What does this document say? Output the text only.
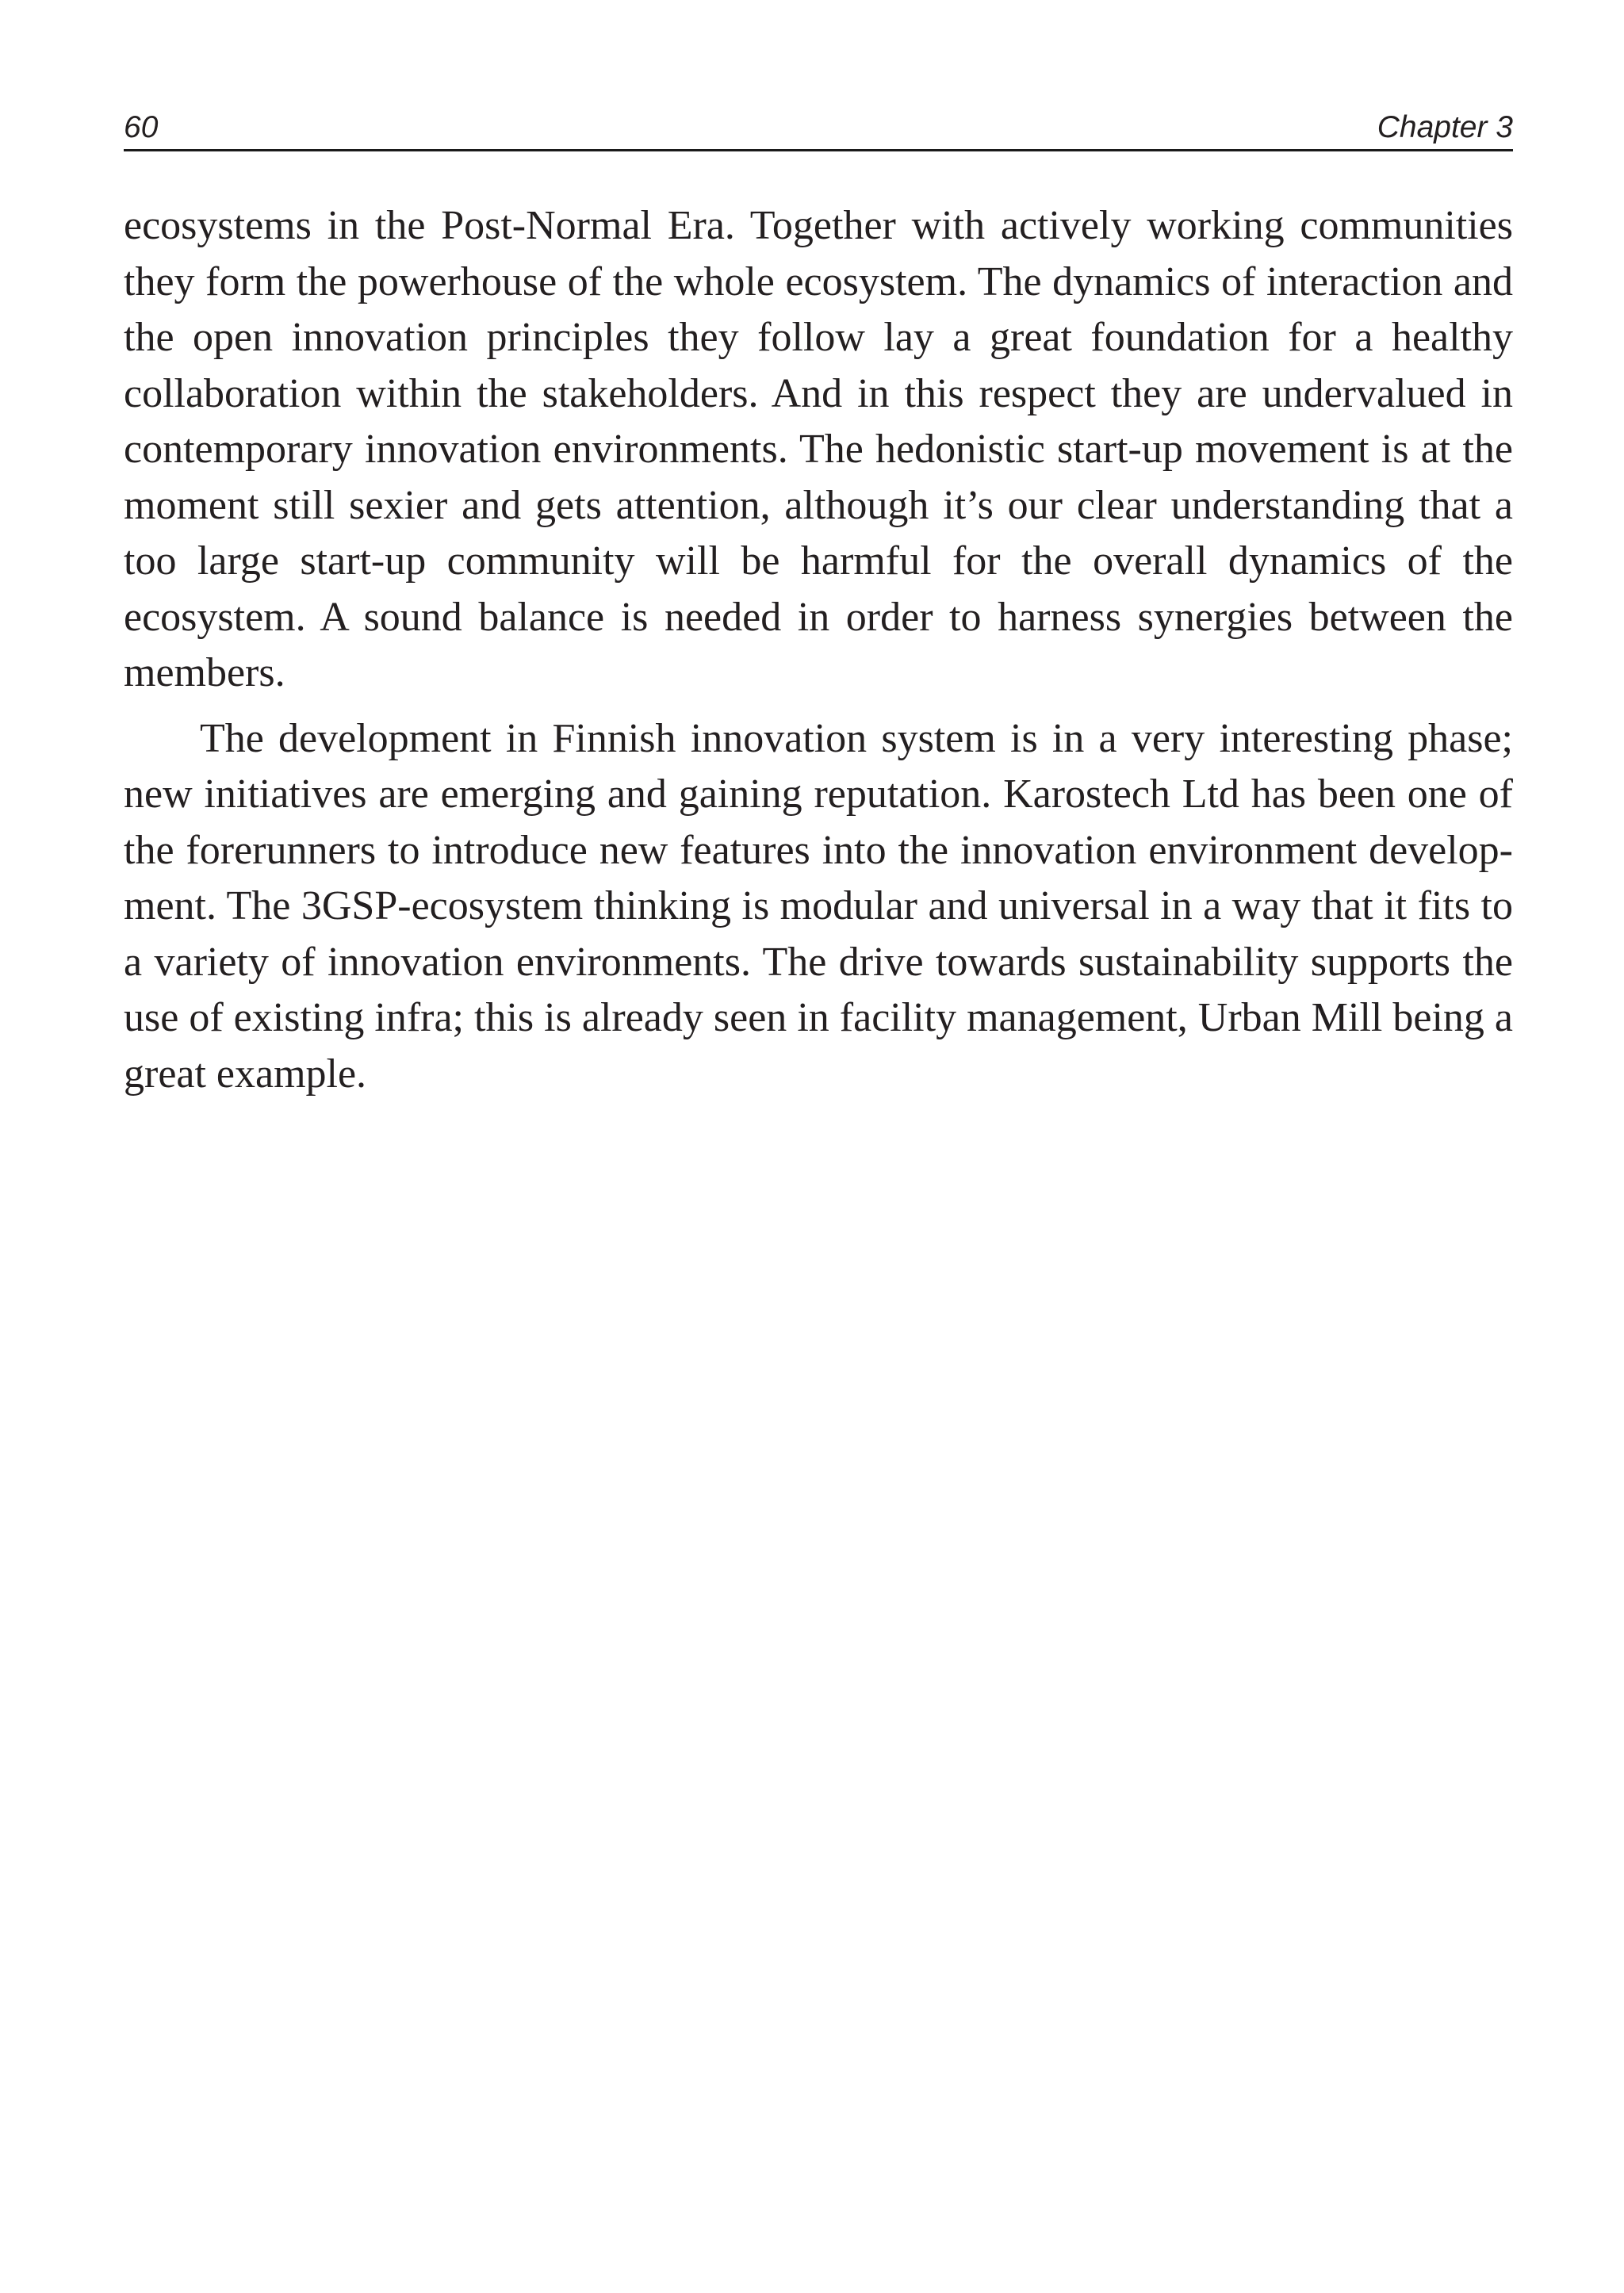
60	Chapter 3

ecosystems in the Post-Normal Era. Together with actively working communities they form the powerhouse of the whole ecosystem. The dynamics of interaction and the open innovation principles they follow lay a great foundation for a healthy collaboration within the stakeholders. And in this respect they are undervalued in contemporary innovation environments. The hedonistic start-up movement is at the moment still sexier and gets attention, although it’s our clear understanding that a too large start-up community will be harmful for the overall dynamics of the ecosystem. A sound balance is needed in order to harness synergies between the members.

The development in Finnish innovation system is in a very interesting phase; new initiatives are emerging and gaining reputation. Karostech Ltd has been one of the forerunners to introduce new features into the innovation environment development. The 3GSP-ecosystem thinking is modular and universal in a way that it fits to a variety of innovation environments. The drive towards sustainability supports the use of existing infra; this is already seen in facility management, Urban Mill being a great example.
